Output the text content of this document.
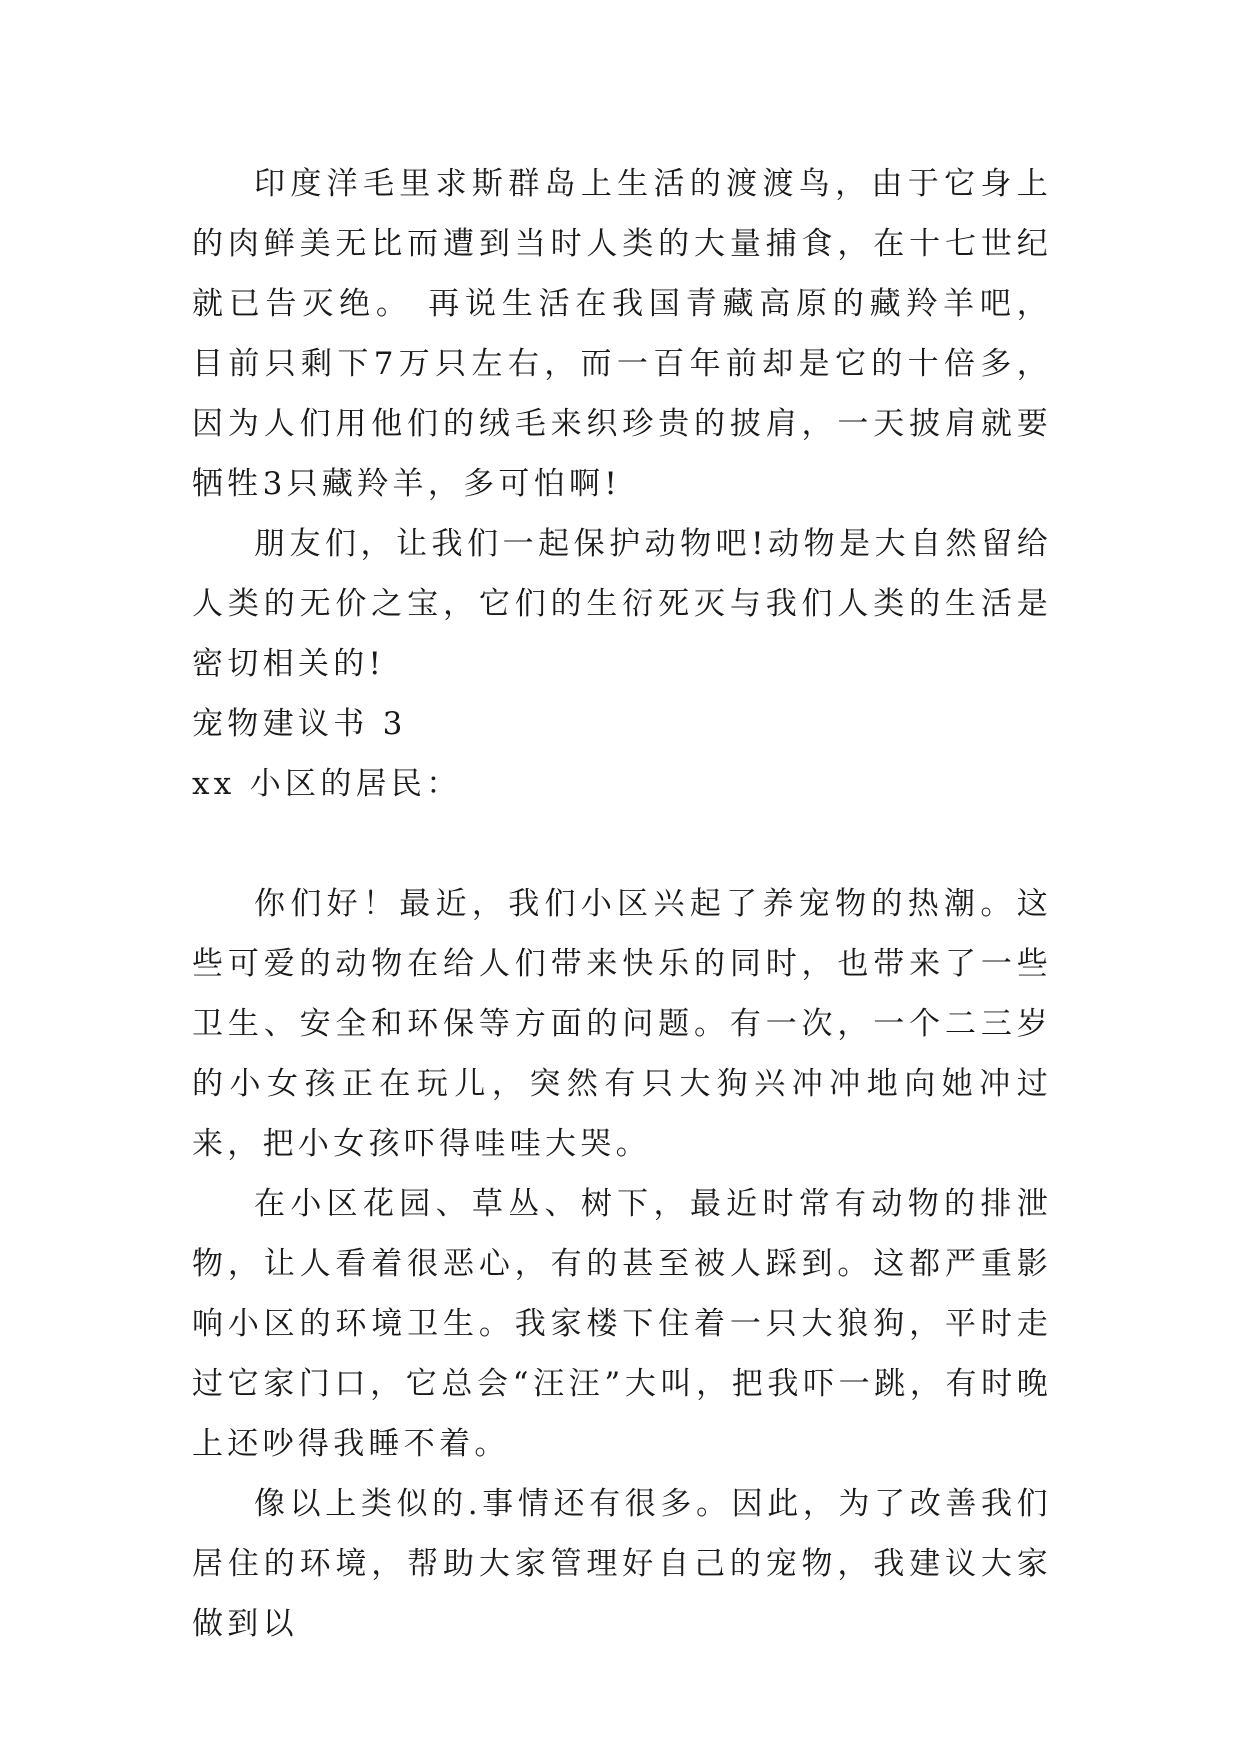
印度洋毛里求斯群岛上生活的渡渡鸟，由于它身上的肉鲜美无比而遭到当时人类的大量捕食，在十七世纪就已告灭绝。 再说生活在我国青藏高原的藏羚羊吧，目前只剩下7万只左右，而一百年前却是它的十倍多，因为人们用他们的绒毛来织珍贵的披肩，一天披肩就要牺牲3只藏羚羊，多可怕啊!

朋友们，让我们一起保护动物吧!动物是大自然留给人类的无价之宝，它们的生衍死灭与我们人类的生活是密切相关的!

宠物建议书 3

xx 小区的居民：

你们好！最近，我们小区兴起了养宠物的热潮。这些可爱的动物在给人们带来快乐的同时，也带来了一些卫生、安全和环保等方面的问题。有一次，一个二三岁的小女孩正在玩儿，突然有只大狗兴冲冲地向她冲过来，把小女孩吓得哇哇大哭。

在小区花园、草丛、树下，最近时常有动物的排泄物，让人看着很恶心，有的甚至被人踩到。这都严重影响小区的环境卫生。我家楼下住着一只大狼狗，平时走过它家门口，它总会“汪汪”大叫，把我吓一跳，有时晚上还吵得我睡不着。

像以上类似的.事情还有很多。因此，为了改善我们居住的环境，帮助大家管理好自己的宠物，我建议大家做到以
